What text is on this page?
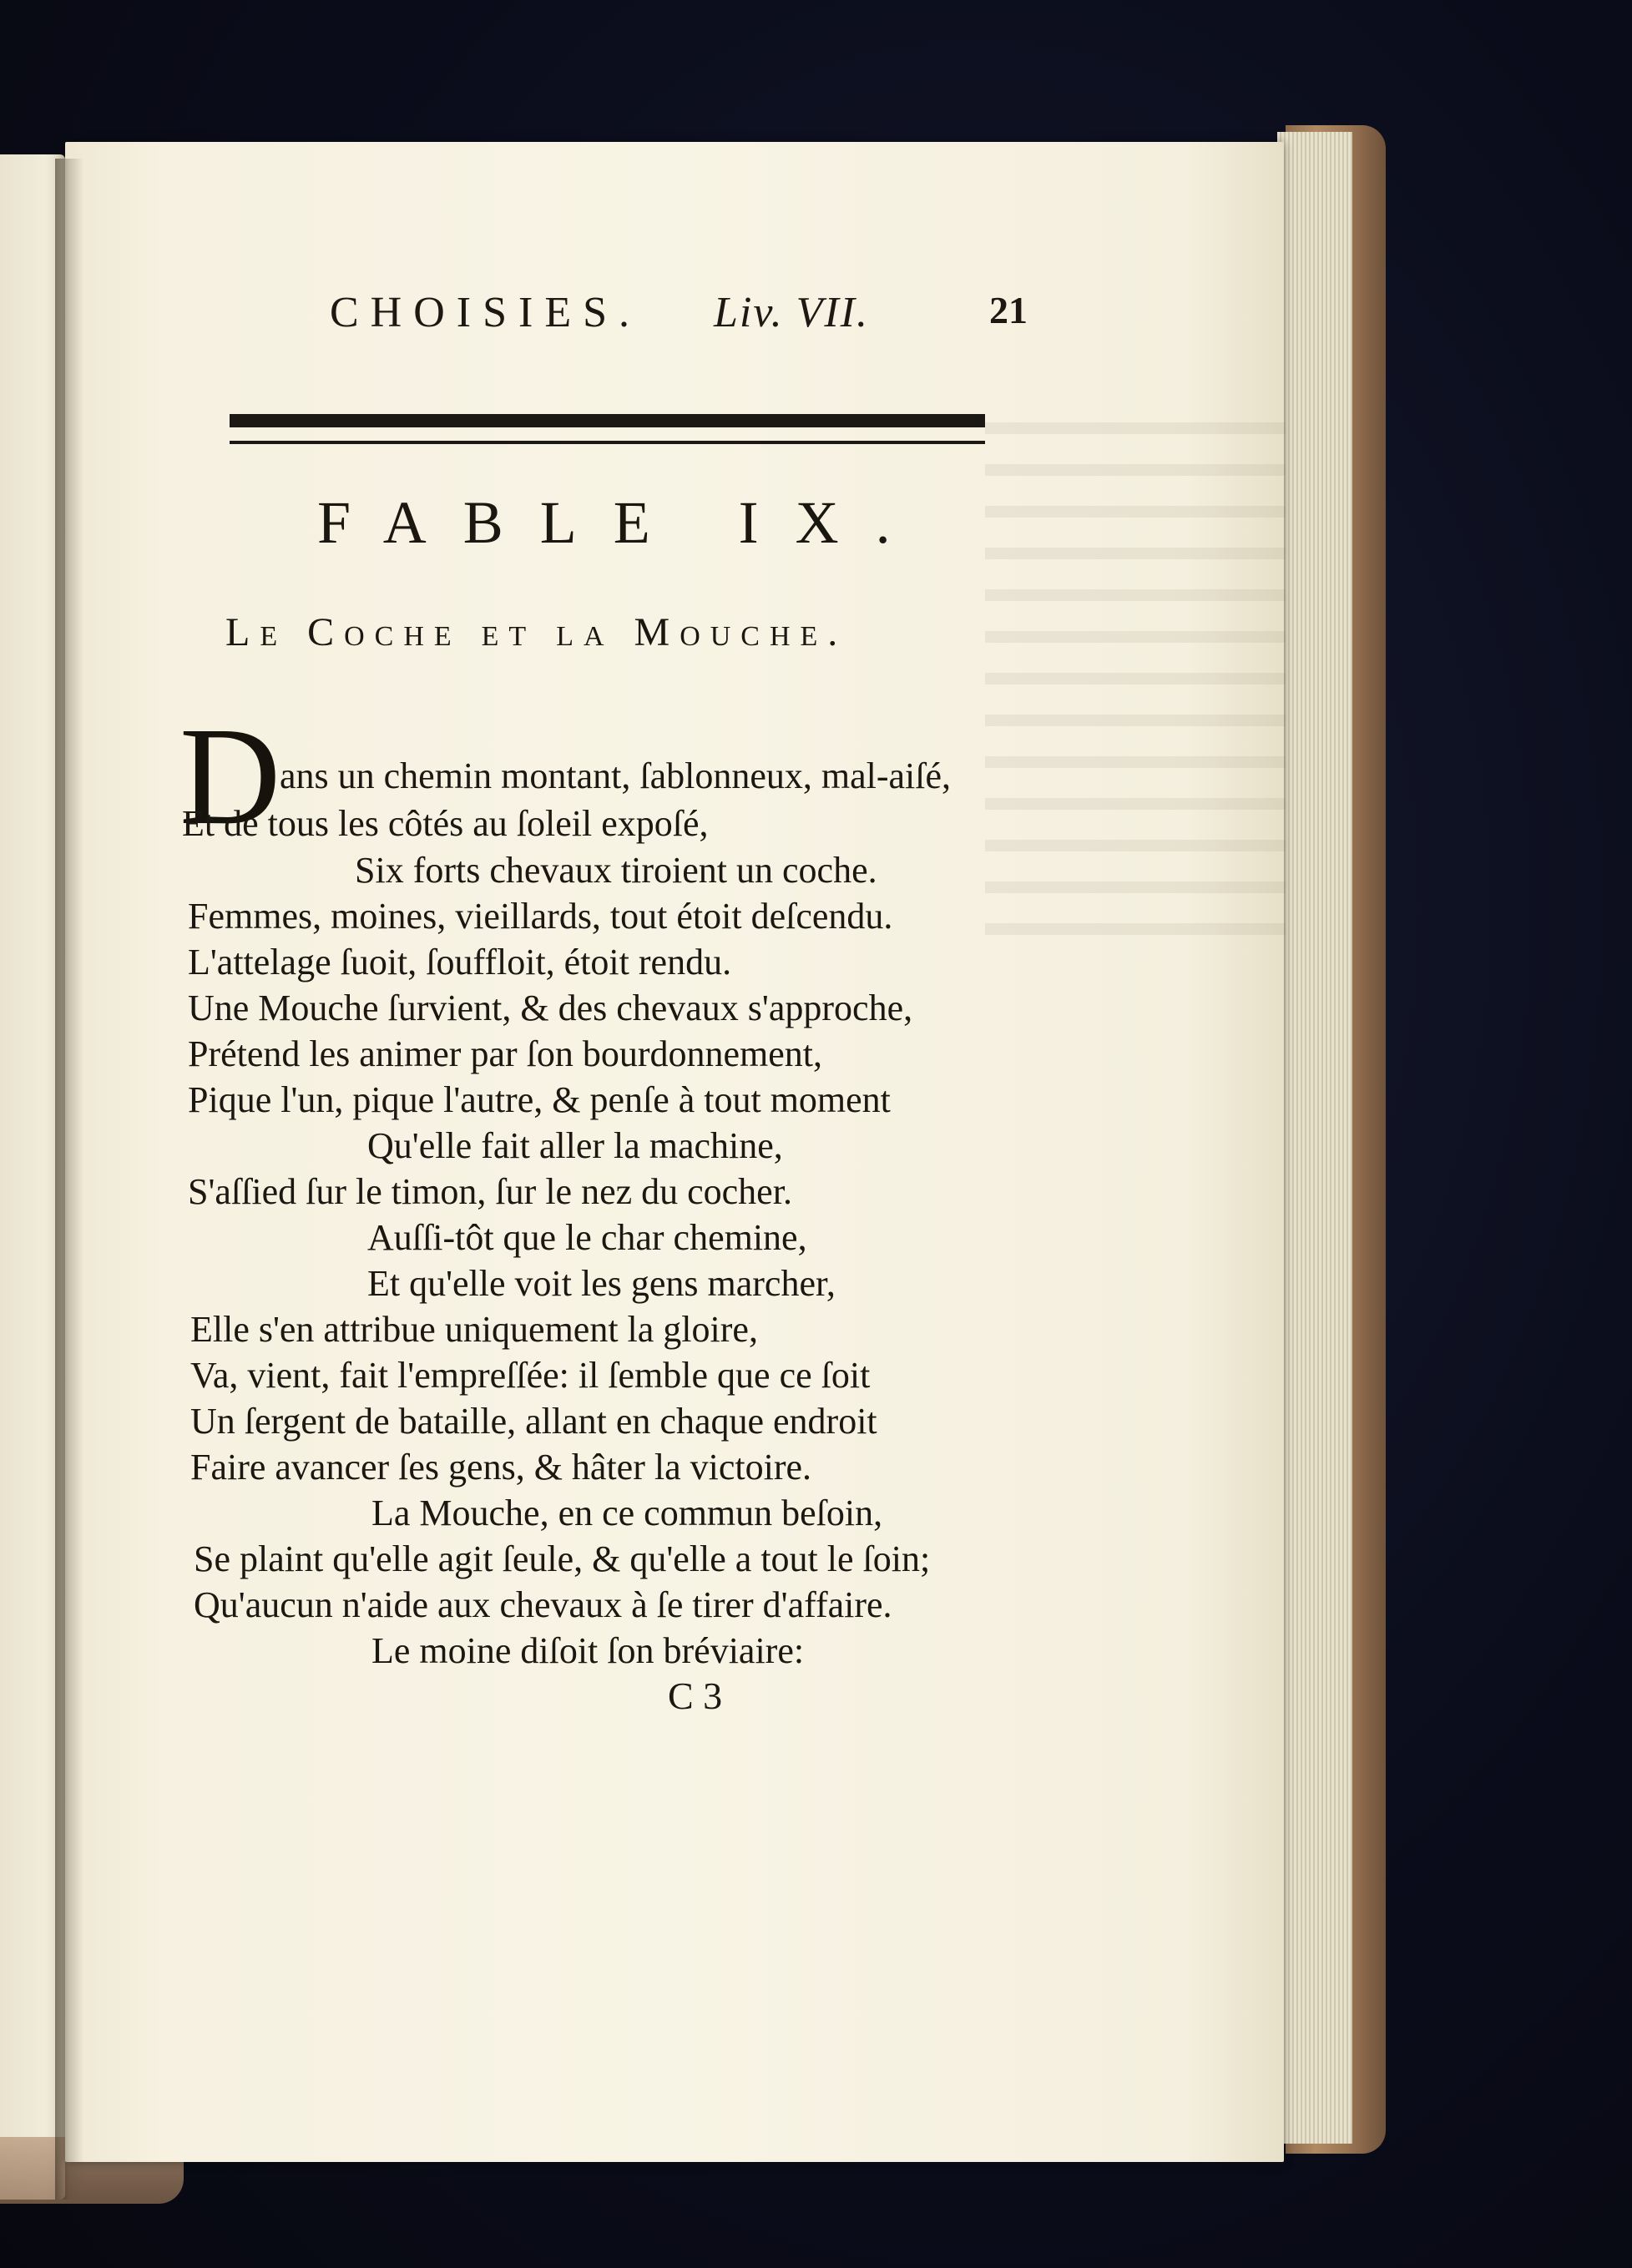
CHOISIES. Liv. VII.	21
FABLE IX.
Le Coche et la Mouche.
D
ans un chemin montant, ſablonneux, mal-aiſé,
Et de tous les côtés au ſoleil expoſé,
Six forts chevaux tiroient un coche.
Femmes, moines, vieillards, tout étoit deſcendu.
L'attelage ſuoit, ſouffloit, étoit rendu.
Une Mouche ſurvient, & des chevaux s'approche,
Prétend les animer par ſon bourdonnement,
Pique l'un, pique l'autre, & penſe à tout moment
Qu'elle fait aller la machine,
S'aſſied ſur le timon, ſur le nez du cocher.
Auſſi-tôt que le char chemine,
Et qu'elle voit les gens marcher,
Elle s'en attribue uniquement la gloire,
Va, vient, fait l'empreſſée: il ſemble que ce ſoit
Un ſergent de bataille, allant en chaque endroit
Faire avancer ſes gens, & hâter la victoire.
La Mouche, en ce commun beſoin,
Se plaint qu'elle agit ſeule, & qu'elle a tout le ſoin;
Qu'aucun n'aide aux chevaux à ſe tirer d'affaire.
Le moine diſoit ſon bréviaire:
C 3
